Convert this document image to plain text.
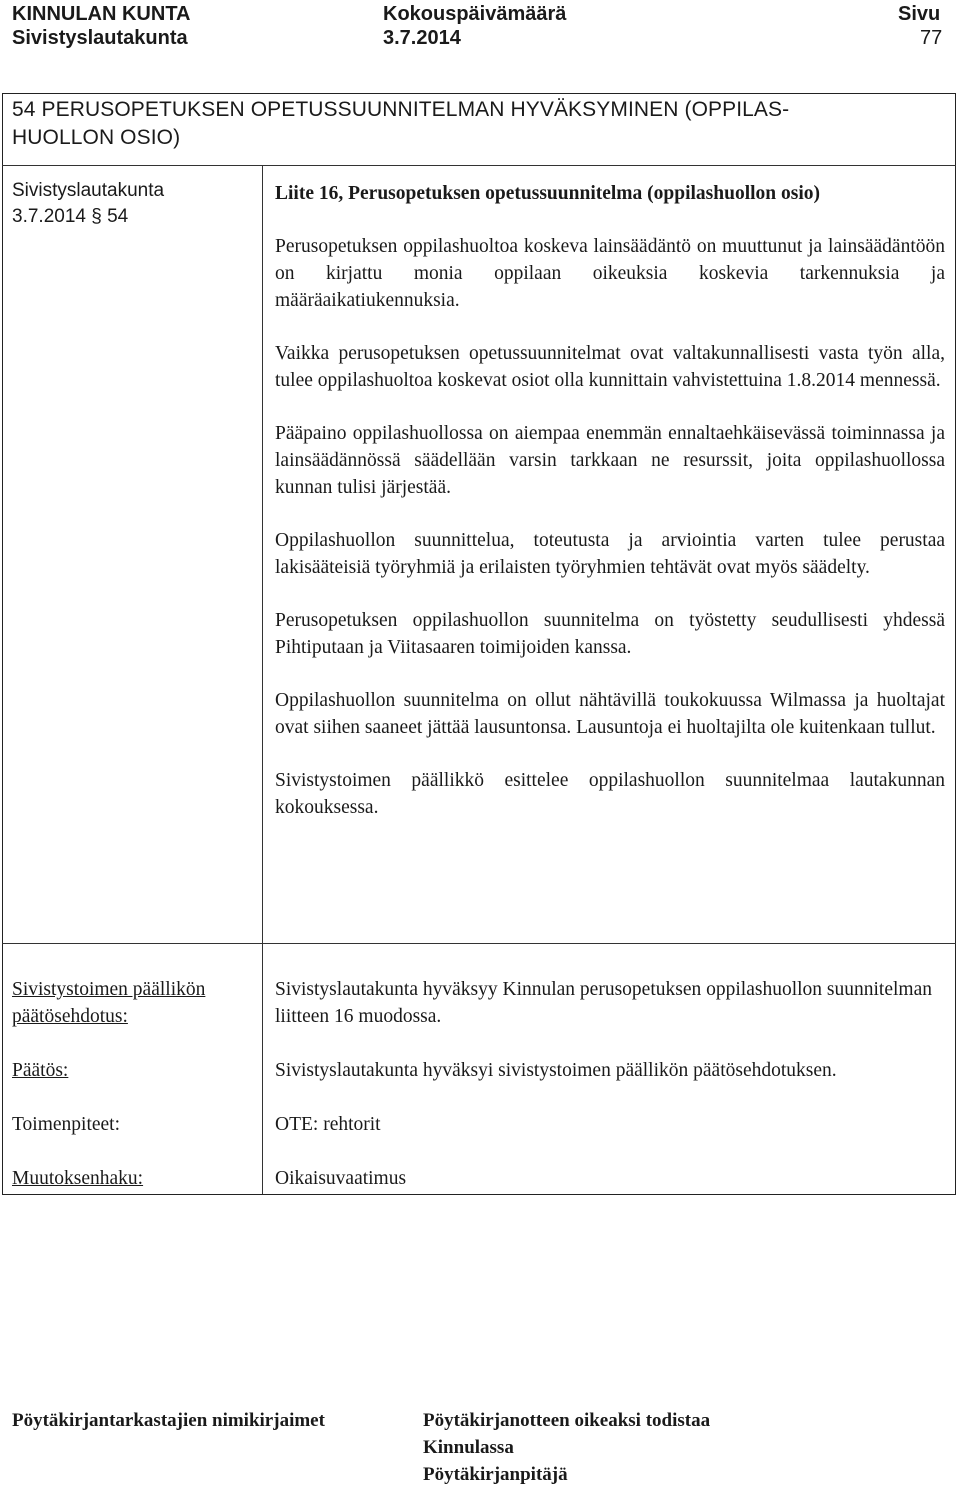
KINNULAN KUNTA
Sivistyslautakunta
Kokouspäivämäärä
3.7.2014
Sivu
77
54 PERUSOPETUKSEN OPETUSSUUNNITELMAN HYVÄKSYMINEN (OPPILAS-
HUOLLON OSIO)
Sivistyslautakunta
3.7.2014 § 54

Liite 16, Perusopetuksen opetussuunnitelma (oppilashuollon osio)

Perusopetuksen oppilashuoltoa koskeva lainsäädäntö on muuttunut ja lainsäädäntöön on kirjattu monia oppilaan oikeuksia koskevia tarkennuksia ja määräaikatiukennuksia.

Vaikka perusopetuksen opetussuunnitelmat ovat valtakunnallisesti vasta työn alla, tulee oppilashuoltoa koskevat osiot olla kunnittain vahvistettuina 1.8.2014 mennessä.

Pääpaino oppilashuollossa on aiempaa enemmän ennaltaehkäisevässä toiminnassa ja lainsäädännössä säädellään varsin tarkkaan ne resurssit, joita oppilashuollossa kunnan tulisi järjestää.

Oppilashuollon suunnittelua, toteutusta ja arviointia varten tulee perustaa lakisääteisiä työryhmiä ja erilaisten työryhmien tehtävät ovat myös säädelty.

Perusopetuksen oppilashuollon suunnitelma on työstetty seudullisesti yhdessä Pihtiputaan ja Viitasaaren toimijoiden kanssa.

Oppilashuollon suunnitelma on ollut nähtävillä toukokuussa Wilmassa ja huoltajat ovat siihen saaneet jättää lausuntonsa. Lausuntoja ei huoltajilta ole kuitenkaan tullut.

Sivistystoimen päällikkö esittelee oppilashuollon suunnitelmaa lautakunnan kokouksessa.

Sivistystoimen päällikön
päätösehdotus:
Sivistyslautakunta hyväksyy Kinnulan perusopetuksen oppilashuollon suunnitelman liitteen 16 muodossa.
Päätös:	Sivistyslautakunta hyväksyi sivistystoimen päällikön päätösehdotuksen.
Toimenpiteet:	OTE: rehtorit
Muutoksenhaku:	Oikaisuvaatimus
Pöytäkirjantarkastajien nimikirjaimet	Pöytäkirjanotteen oikeaksi todistaa
Kinnulassa
Pöytäkirjanpitäjä
